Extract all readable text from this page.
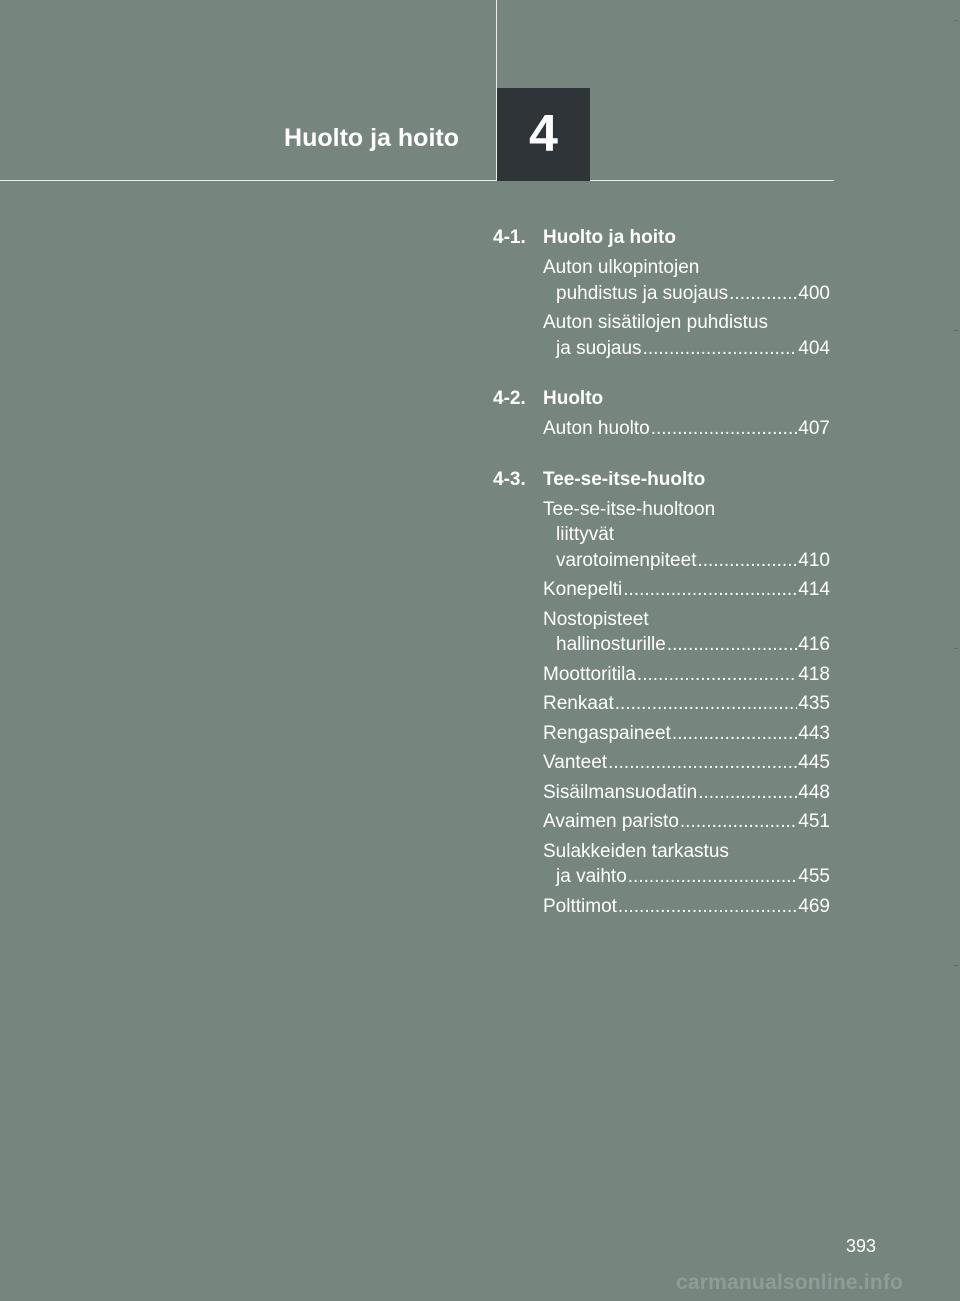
Huolto ja hoito	4
4-1. Huolto ja hoito
Auton ulkopintojen
puhdistus ja suojaus .....	400
Auton sisätilojen puhdistus
ja suojaus .....	404
4-2. Huolto
Auton huolto .....	407
4-3. Tee-se-itse-huolto
Tee-se-itse-huoltoon
liittyvät
varotoimenpiteet .....	410
Konepelti .....	414
Nostopisteet
hallinosturille .....	416
Moottoritila .....	418
Renkaat .....	435
Rengaspaineet .....	443
Vanteet .....	445
Sisäilmansuodatin .....	448
Avaimen paristo .....	451
Sulakkeiden tarkastus
ja vaihto .....	455
Polttimot .....	469
393
carmanualsonline.info
